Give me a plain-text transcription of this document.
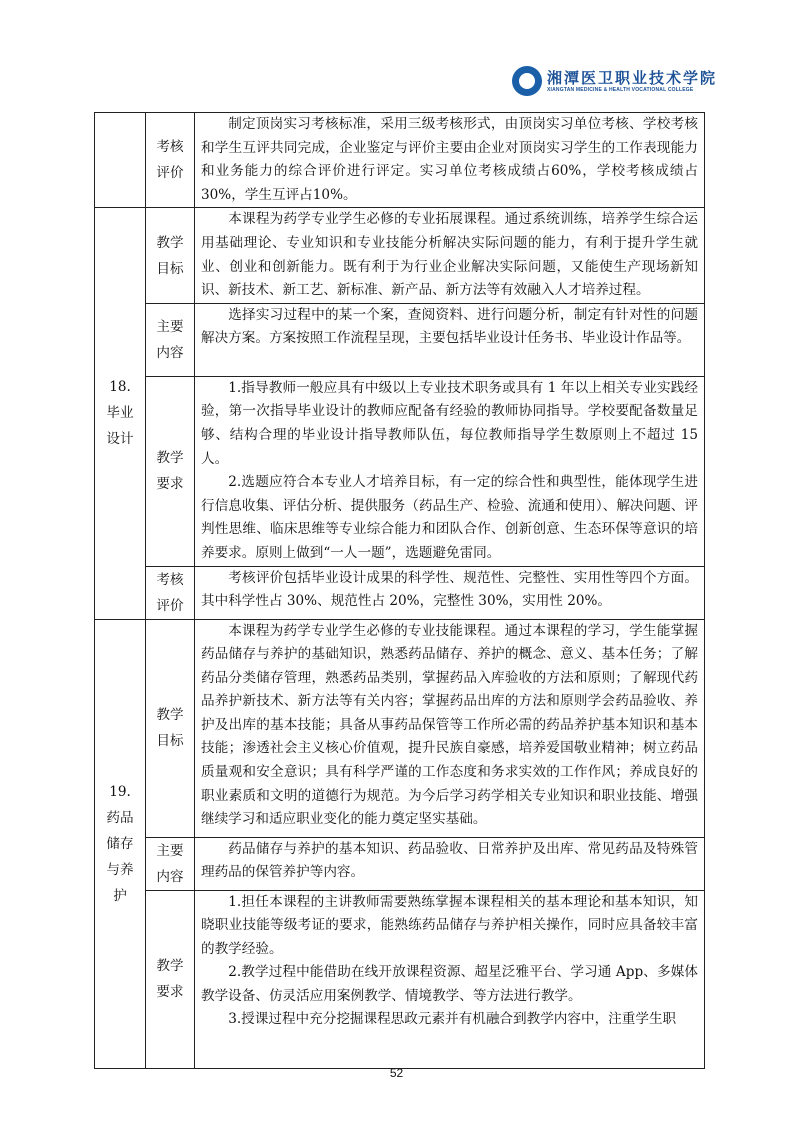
湘潭医卫职业技术学院
XIANGTAN MEDICINE & HEALTH VOCATIONAL COLLEGE
	考核评价	制定顶岗实习考核标准，采用三级考核形式，由顶岗实习单位考核、学校考核和学生互评共同完成，企业鉴定与评价主要由企业对顶岗实习学生的工作表现能力和业务能力的综合评价进行评定。实习单位考核成绩占60%，学校考核成绩占30%，学生互评占10%。

18.毕业设计	教学目标	本课程为药学专业学生必修的专业拓展课程。通过系统训练，培养学生综合运用基础理论、专业知识和专业技能分析解决实际问题的能力，有利于提升学生就业、创业和创新能力。既有利于为行业企业解决实际问题，又能使生产现场新知识、新技术、新工艺、新标准、新产品、新方法等有效融入人才培养过程。

	主要内容	选择实习过程中的某一个案，查阅资料、进行问题分析，制定有针对性的问题解决方案。方案按照工作流程呈现，主要包括毕业设计任务书、毕业设计作品等。

	教学要求	1.指导教师一般应具有中级以上专业技术职务或具有 1 年以上相关专业实践经验，第一次指导毕业设计的教师应配备有经验的教师协同指导。学校要配备数量足够、结构合理的毕业设计指导教师队伍，每位教师指导学生数原则上不超过 15 人。

2.选题应符合本专业人才培养目标，有一定的综合性和典型性，能体现学生进行信息收集、评估分析、提供服务（药品生产、检验、流通和使用）、解决问题、评判性思维、临床思维等专业综合能力和团队合作、创新创意、生态环保等意识的培养要求。原则上做到“一人一题”，选题避免雷同。

	考核评价	考核评价包括毕业设计成果的科学性、规范性、完整性、实用性等四个方面。其中科学性占 30%、规范性占 20%，完整性 30%，实用性 20%。

19.药品储存与养护	教学目标	本课程为药学专业学生必修的专业技能课程。通过本课程的学习，学生能掌握药品储存与养护的基础知识，熟悉药品储存、养护的概念、意义、基本任务；了解药品分类储存管理，熟悉药品类别，掌握药品入库验收的方法和原则；了解现代药品养护新技术、新方法等有关内容；掌握药品出库的方法和原则学会药品验收、养护及出库的基本技能；具备从事药品保管等工作所必需的药品养护基本知识和基本技能；渗透社会主义核心价值观，提升民族自豪感，培养爱国敬业精神；树立药品质量观和安全意识；具有科学严谨的工作态度和务求实效的工作作风；养成良好的职业素质和文明的道德行为规范。为今后学习药学相关专业知识和职业技能、增强继续学习和适应职业变化的能力奠定坚实基础。

	主要内容	药品储存与养护的基本知识、药品验收、日常养护及出库、常见药品及特殊管理药品的保管养护等内容。

	教学要求	1.担任本课程的主讲教师需要熟练掌握本课程相关的基本理论和基本知识，知晓职业技能等级考证的要求，能熟练药品储存与养护相关操作，同时应具备较丰富的教学经验。

2.教学过程中能借助在线开放课程资源、超星泛雅平台、学习通 App、多媒体教学设备、仿灵活应用案例教学、情境教学、等方法进行教学。

3.授课过程中充分挖掘课程思政元素并有机融合到教学内容中，注重学生职

52
